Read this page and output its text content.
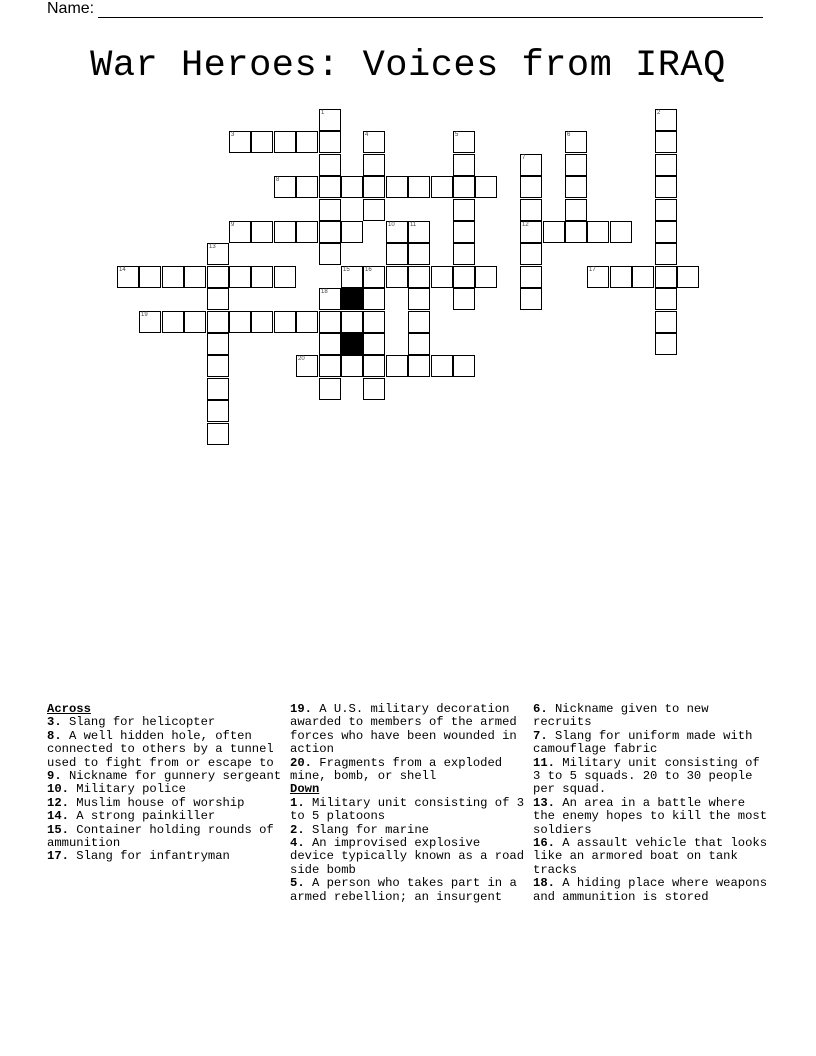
Name:
War Heroes: Voices from IRAQ
1	2
3	4	5	6
7
8
9	10	11	12
13
14	15	16	17
18
19
20

Across

3. Slang for helicopter
8. A well hidden hole, often connected to others by a tunnel used to fight from or escape to
9. Nickname for gunnery sergeant
10. Military police
12. Muslim house of worship
14. A strong painkiller
15. Container holding rounds of ammunition
17. Slang for infantryman
19. A U.S. military decoration awarded to members of the armed forces who have been wounded in action
20. Fragments from a exploded mine, bomb, or shell

Down

1. Military unit consisting of 3 to 5 platoons
2. Slang for marine
4. An improvised explosive device typically known as a road side bomb
5. A person who takes part in a armed rebellion; an insurgent
6. Nickname given to new recruits
7. Slang for uniform made with camouflage fabric
11. Military unit consisting of 3 to 5 squads. 20 to 30 people per squad.
13. An area in a battle where the enemy hopes to kill the most soldiers
16. A assault vehicle that looks like an armored boat on tank tracks
18. A hiding place where weapons and ammunition is stored
